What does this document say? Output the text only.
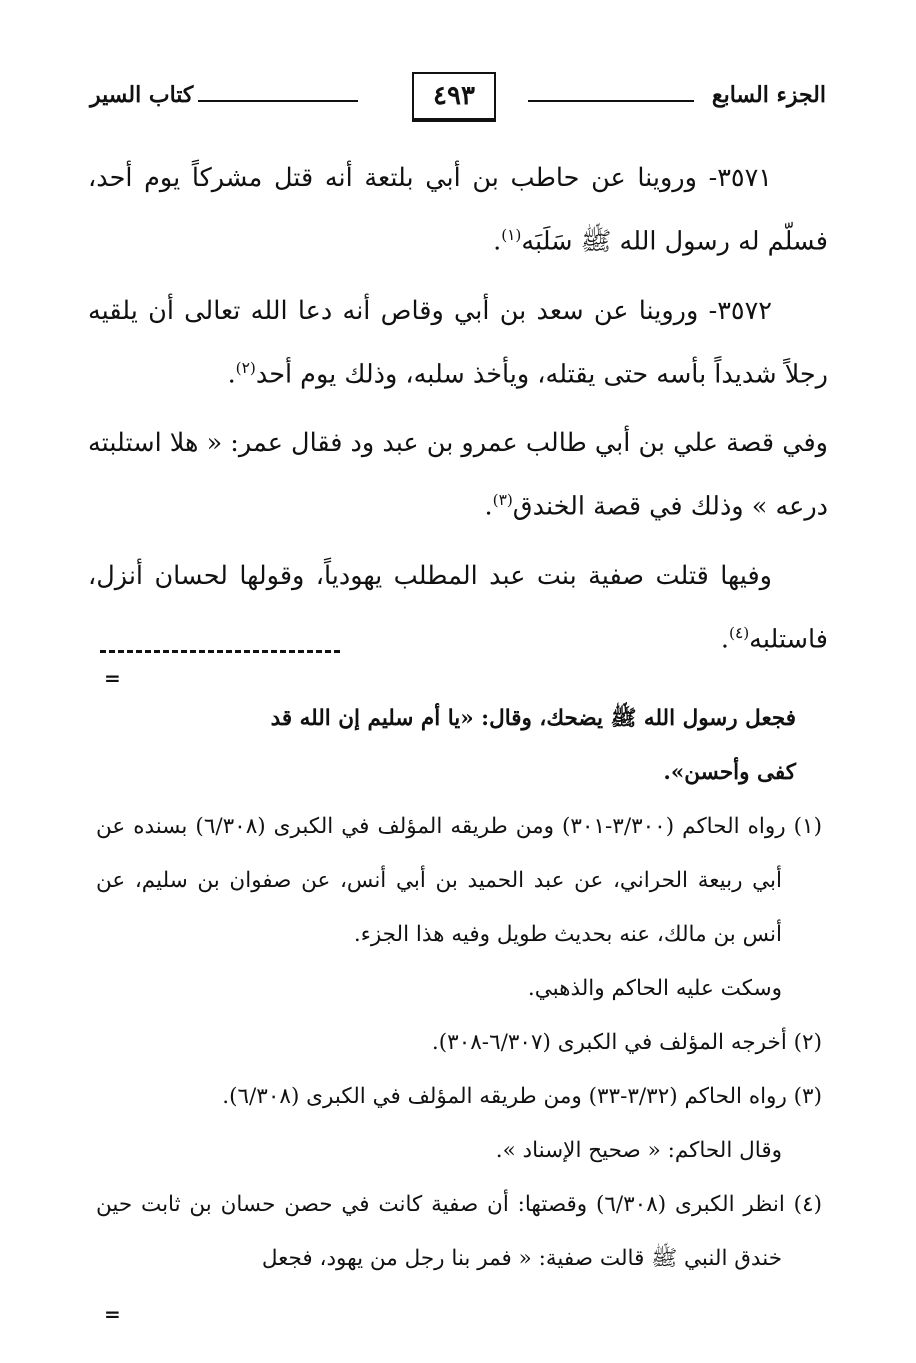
الجزء السابع
٤٩٣
كتاب السير

٣٥٧١- وروينا عن حاطب بن أبي بلتعة أنه قتل مشركاً يوم أحد، فسلّم له رسول الله ﷺ سَلَبَه$^{(١)}$.

٣٥٧٢- وروينا عن سعد بن أبي وقاص أنه دعا الله تعالى أن يلقيه رجلاً شديداً بأسه حتى يقتله، ويأخذ سلبه، وذلك يوم أحد$^{(٢)}$.

وفي قصة علي بن أبي طالب عمرو بن عبد ود فقال عمر: « هلا استلبته درعه » وذلك في قصة الخندق$^{(٣)}$.

وفيها قتلت صفية بنت عبد المطلب يهودياً، وقولها لحسان أنزل، فاستلبه$^{(٤)}$.

=

فجعل رسول الله ﷺ يضحك، وقال: «يا أم سليم إن الله قد

كفى وأحسن».

(١) رواه الحاكم (٣/٣٠٠-٣٠١) ومن طريقه المؤلف في الكبرى (٦/٣٠٨) بسنده عن أبي ربيعة الحراني، عن عبد الحميد بن أبي أنس، عن صفوان بن سليم، عن أنس بن مالك، عنه بحديث طويل وفيه هذا الجزء.

وسكت عليه الحاكم والذهبي.

(٢) أخرجه المؤلف في الكبرى (٦/٣٠٧-٣٠٨).

(٣) رواه الحاكم (٣/٣٢-٣٣) ومن طريقه المؤلف في الكبرى (٦/٣٠٨).

وقال الحاكم: « صحيح الإسناد ».

(٤) انظر الكبرى (٦/٣٠٨) وقصتها: أن صفية كانت في حصن حسان بن ثابت حين خندق النبي ﷺ قالت صفية: « فمر بنا رجل من يهود، فجعل

=
